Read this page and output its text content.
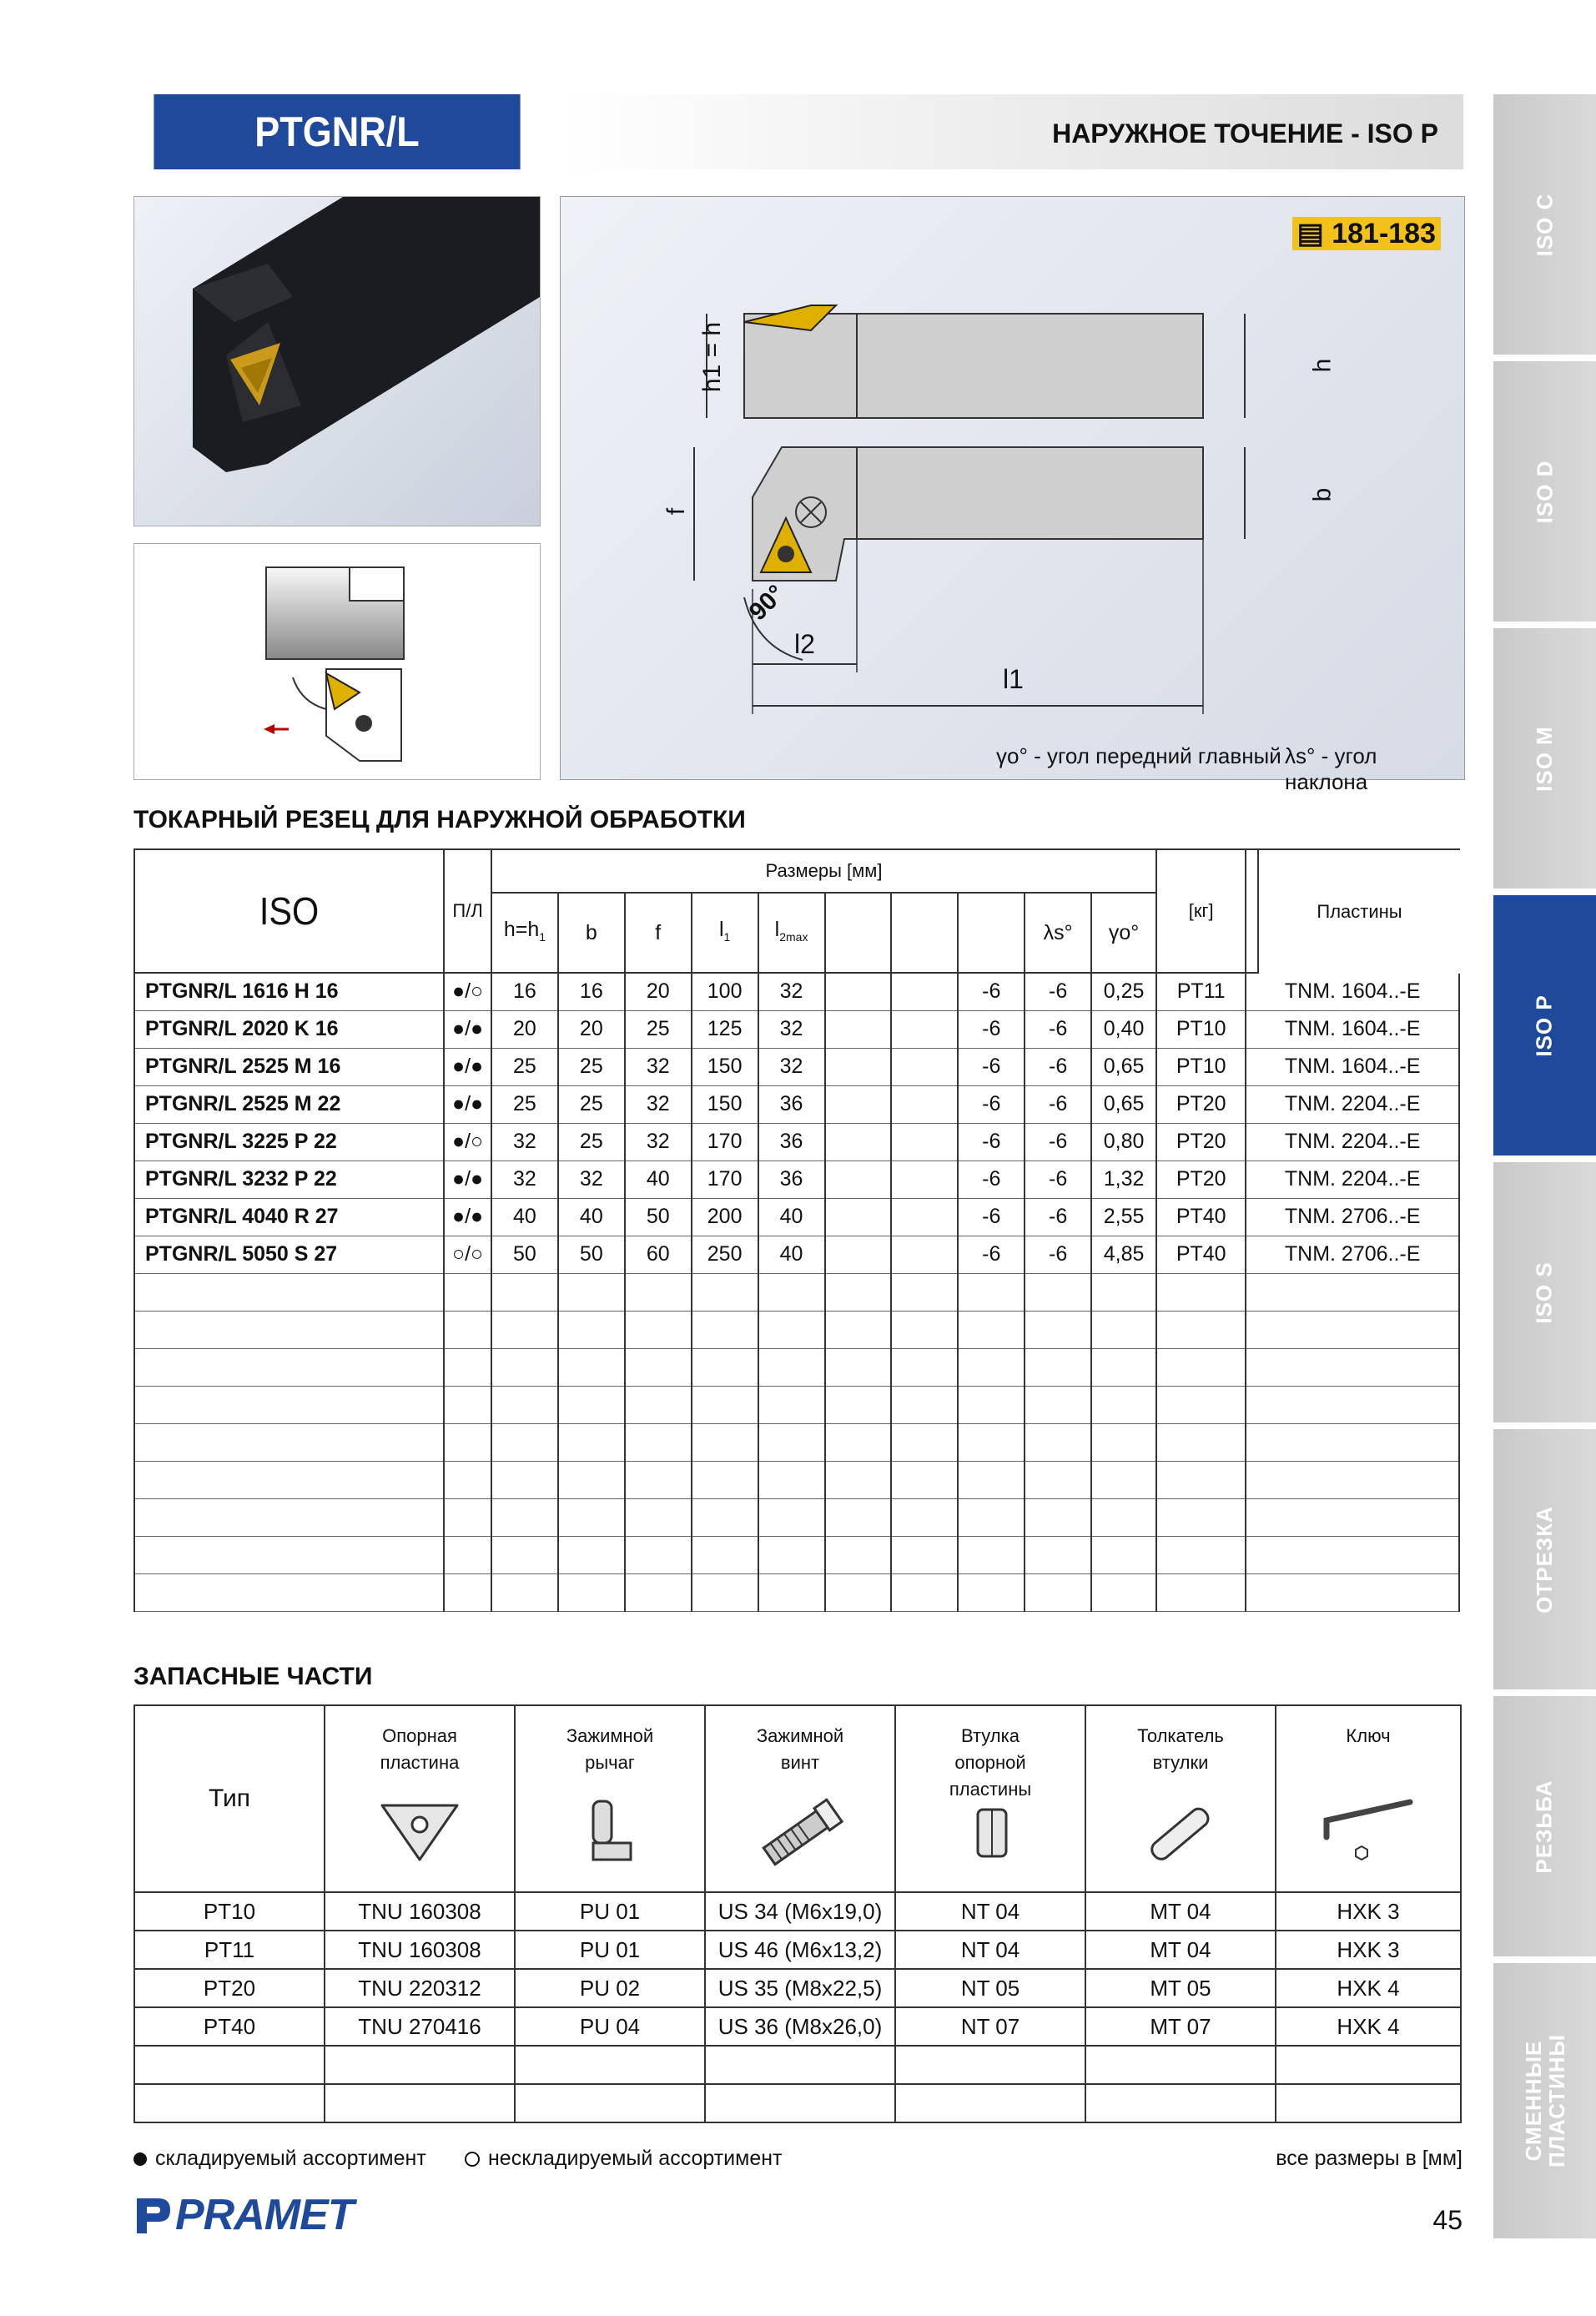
PTGNR/L	НАРУЖНОЕ ТОЧЕНИЕ - ISO P
ISO C
ISO D
ISO M
ISO P
ISO S
ОТРЕЗКА
РЕЗЬБА
СМЕННЫЕ ПЛАСТИНЫ
▤ 181-183
h1 = h	h
f
b
90°
l2
l1
γo° - угол передний главный λs° - угол наклона
ТОКАРНЫЙ РЕЗЕЦ ДЛЯ НАРУЖНОЙ ОБРАБОТКИ
ISO	П/Л	Размеры [мм]										[кг]	
		$h=h_1$	b	f	$l_1$	$l_{2max}$				λs°	γo°		
PTGNR/L 1616 H 16	●/○	16	16	20	100	32			-6	-6	0,25	PT11	TNM. 1604..-E
PTGNR/L 2020 K 16	●/●	20	20	25	125	32			-6	-6	0,40	PT10	TNM. 1604..-E
PTGNR/L 2525 M 16	●/●	25	25	32	150	32			-6	-6	0,65	PT10	TNM. 1604..-E
PTGNR/L 2525 M 22	●/●	25	25	32	150	36			-6	-6	0,65	PT20	TNM. 2204..-E
PTGNR/L 3225 P 22	●/○	32	25	32	170	36			-6	-6	0,80	PT20	TNM. 2204..-E
PTGNR/L 3232 P 22	●/●	32	32	40	170	36			-6	-6	1,32	PT20	TNM. 2204..-E
PTGNR/L 4040 R 27	●/●	40	40	50	200	40			-6	-6	2,55	PT40	TNM. 2706..-E
PTGNR/L 5050 S 27	○/○	50	50	60	250	40			-6	-6	4,85	PT40	TNM. 2706..-E

Пластины
ЗАПАСНЫЕ ЧАСТИ
Тип	Опорная пластина	Зажимной рычаг	Зажимной винт	Втулка опорной пластины	Толкатель втулки	Ключ

PT10	TNU 160308	PU 01	US 34 (M6x19,0)	NT 04	MT 04	HXK 3
PT11	TNU 160308	PU 01	US 46 (M6x13,2)	NT 04	MT 04	HXK 3
PT20	TNU 220312	PU 02	US 35 (M8x22,5)	NT 05	MT 05	HXK 4
PT40	TNU 270416	PU 04	US 36 (M8x26,0)	NT 07	MT 07	HXK 4

складируемый ассортимент	нескладируемый ассортимент	все размеры в [мм]
PRAMET	45
